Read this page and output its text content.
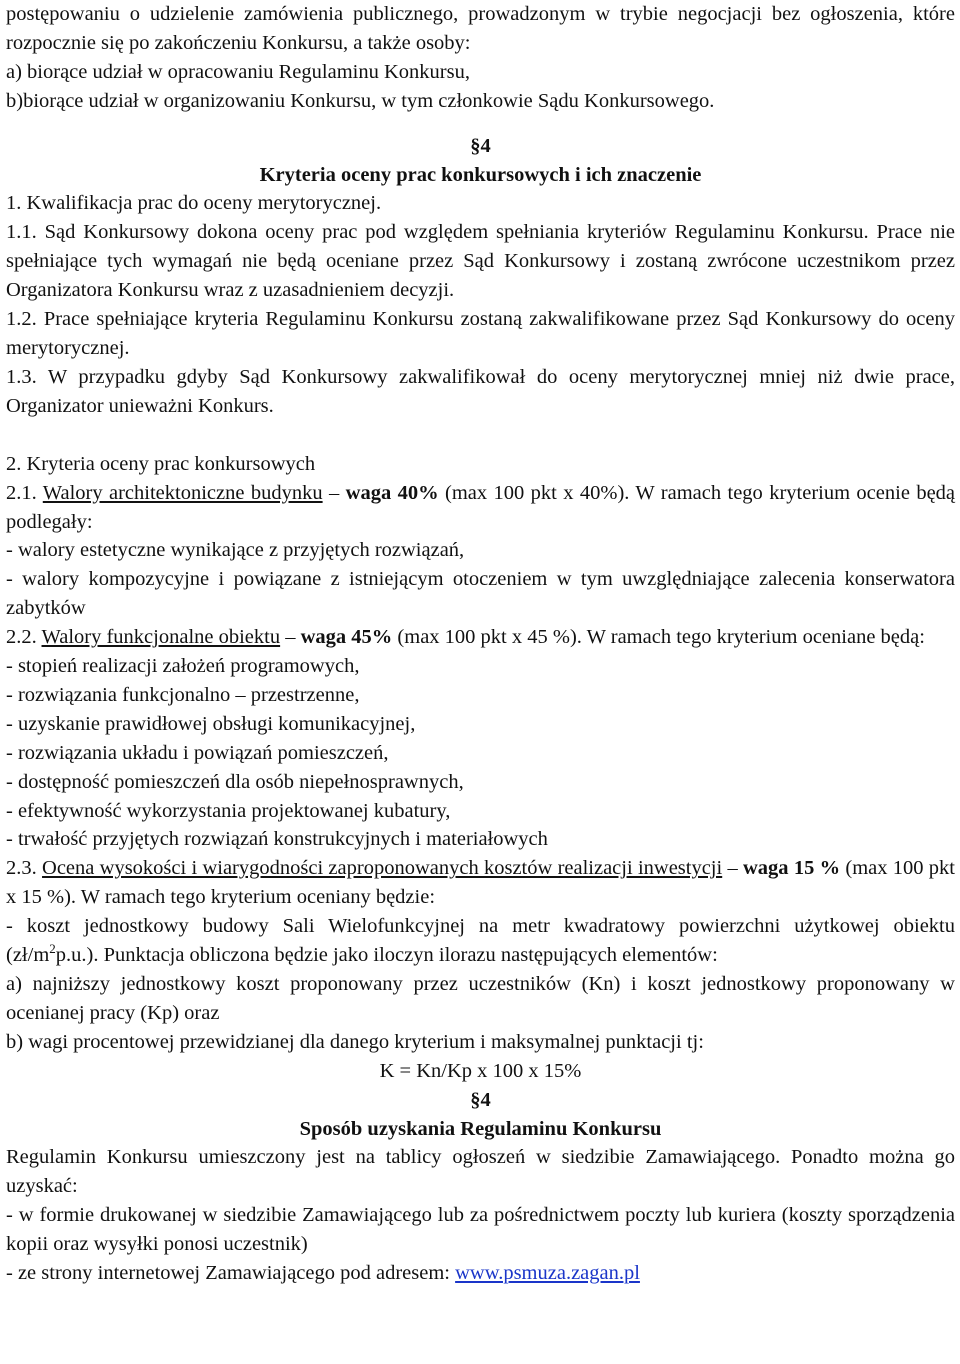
postępowaniu o udzielenie zamówienia publicznego, prowadzonym w trybie negocjacji bez ogłoszenia, które rozpocznie się po zakończeniu Konkursu, a także osoby:

a) biorące udział w opracowaniu Regulaminu Konkursu,

b)biorące udział w organizowaniu Konkursu, w tym członkowie Sądu Konkursowego.

§4

Kryteria oceny prac konkursowych i ich znaczenie

1. Kwalifikacja prac do oceny merytorycznej.

1.1. Sąd Konkursowy dokona oceny prac pod względem spełniania kryteriów Regulaminu Konkursu. Prace nie spełniające tych wymagań nie będą oceniane przez Sąd Konkursowy i zostaną zwrócone uczestnikom przez Organizatora Konkursu wraz z uzasadnieniem decyzji.

1.2. Prace spełniające kryteria Regulaminu Konkursu zostaną zakwalifikowane przez Sąd Konkursowy do oceny merytorycznej.

1.3. W przypadku gdyby Sąd Konkursowy zakwalifikował do oceny merytorycznej mniej niż dwie prace, Organizator unieważni Konkurs.

2. Kryteria oceny prac konkursowych

2.1. Walory architektoniczne budynku – waga 40% (max 100 pkt x 40%). W ramach tego kryterium ocenie będą podlegały:

- walory estetyczne wynikające z przyjętych rozwiązań,

- walory kompozycyjne i powiązane z istniejącym otoczeniem w tym uwzględniające zalecenia konserwatora zabytków

2.2. Walory funkcjonalne obiektu – waga 45% (max 100 pkt x 45 %). W ramach tego kryterium oceniane będą:

- stopień realizacji założeń programowych,

- rozwiązania funkcjonalno – przestrzenne,

- uzyskanie prawidłowej obsługi komunikacyjnej,

- rozwiązania układu i powiązań pomieszczeń,

- dostępność pomieszczeń dla osób niepełnosprawnych,

- efektywność wykorzystania projektowanej kubatury,

- trwałość przyjętych rozwiązań konstrukcyjnych i materiałowych

2.3. Ocena wysokości i wiarygodności zaproponowanych kosztów realizacji inwestycji – waga 15 % (max 100 pkt x 15 %). W ramach tego kryterium oceniany będzie:

- koszt jednostkowy budowy Sali Wielofunkcyjnej na metr kwadratowy powierzchni użytkowej obiektu $(zł/m^2p.u.)$. Punktacja obliczona będzie jako iloczyn ilorazu następujących elementów:

a) najniższy jednostkowy koszt proponowany przez uczestników (Kn) i koszt jednostkowy proponowany w ocenianej pracy (Kp) oraz

b) wagi procentowej przewidzianej dla danego kryterium i maksymalnej punktacji tj:

K = Kn/Kp x 100 x 15%

§4

Sposób uzyskania Regulaminu Konkursu

Regulamin Konkursu umieszczony jest na tablicy ogłoszeń w siedzibie Zamawiającego. Ponadto można go uzyskać:

- w formie drukowanej w siedzibie Zamawiającego lub za pośrednictwem poczty lub kuriera (koszty sporządzenia kopii oraz wysyłki ponosi uczestnik)

- ze strony internetowej Zamawiającego pod adresem: www.psmuza.zagan.pl
